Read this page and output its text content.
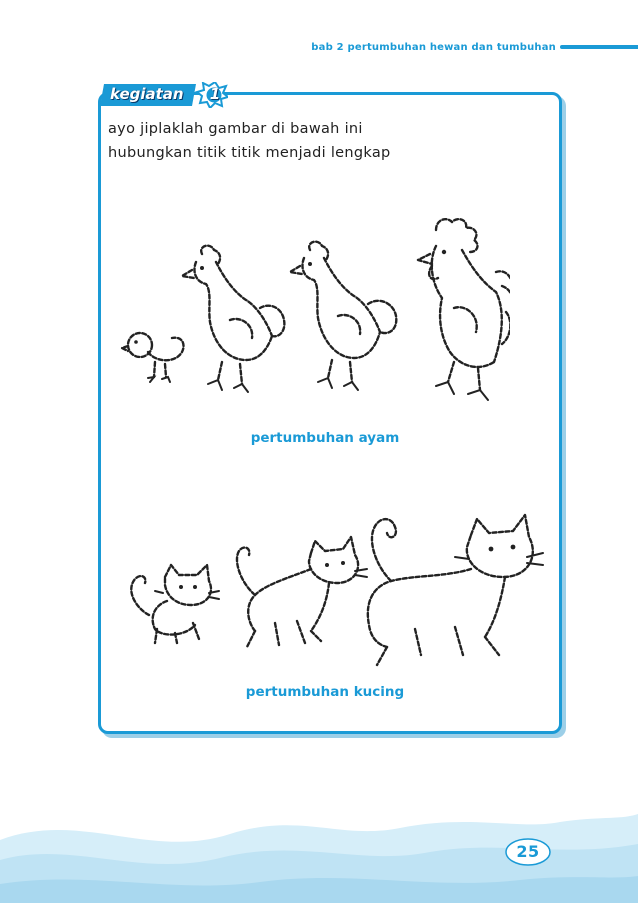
bab 2 pertumbuhan hewan dan tumbuhan
kegiatan	1
ayo jiplaklah gambar di bawah ini
hubungkan titik titik menjadi lengkap
pertumbuhan ayam
pertumbuhan kucing
25
